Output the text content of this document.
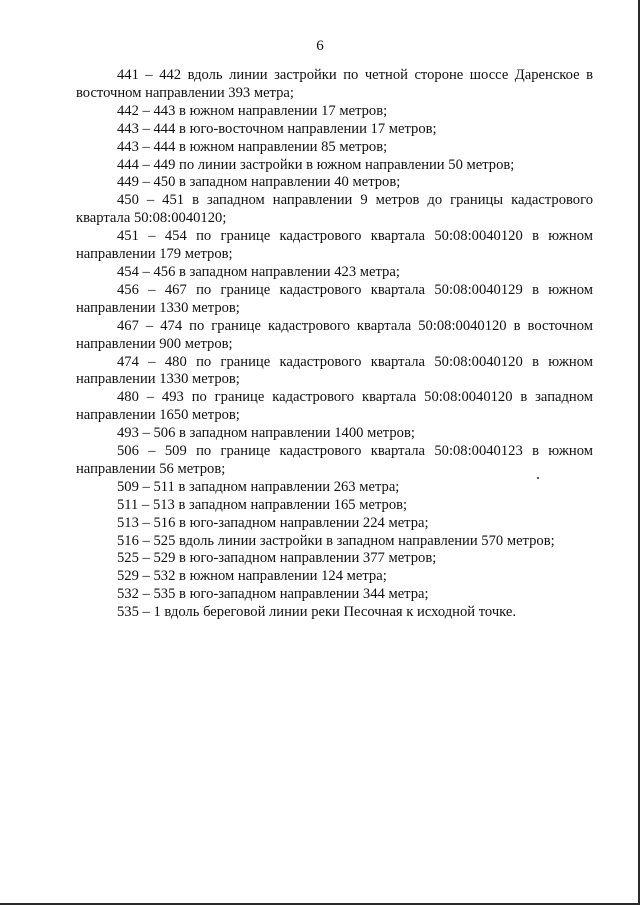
6

441 – 442 вдоль линии застройки по четной стороне шоссе Даренское в восточном направлении 393 метра;

442 – 443 в южном направлении 17 метров;

443 – 444 в юго-восточном направлении 17 метров;

443 – 444 в южном направлении 85 метров;

444 – 449 по линии застройки в южном направлении 50 метров;

449 – 450 в западном направлении 40 метров;

450 – 451 в западном направлении 9 метров до границы кадастрового квартала 50:08:0040120;

451 – 454 по границе кадастрового квартала 50:08:0040120 в южном направлении 179 метров;

454 – 456 в западном направлении 423 метра;

456 – 467 по границе кадастрового квартала 50:08:0040129 в южном направлении 1330 метров;

467 – 474 по границе кадастрового квартала 50:08:0040120 в восточном направлении 900 метров;

474 – 480 по границе кадастрового квартала 50:08:0040120 в южном направлении 1330 метров;

480 – 493 по границе кадастрового квартала 50:08:0040120 в западном направлении 1650 метров;

493 – 506 в западном направлении 1400 метров;

506 – 509 по границе кадастрового квартала 50:08:0040123 в южном направлении 56 метров;

509 – 511 в западном направлении 263 метра;

511 – 513 в западном направлении 165 метров;

513 – 516 в юго-западном направлении 224 метра;

516 – 525 вдоль линии застройки в западном направлении 570 метров;

525 – 529 в юго-западном направлении 377 метров;

529 – 532 в южном направлении 124 метра;

532 – 535 в юго-западном направлении 344 метра;

535 – 1 вдоль береговой линии реки Песочная к исходной точке.
